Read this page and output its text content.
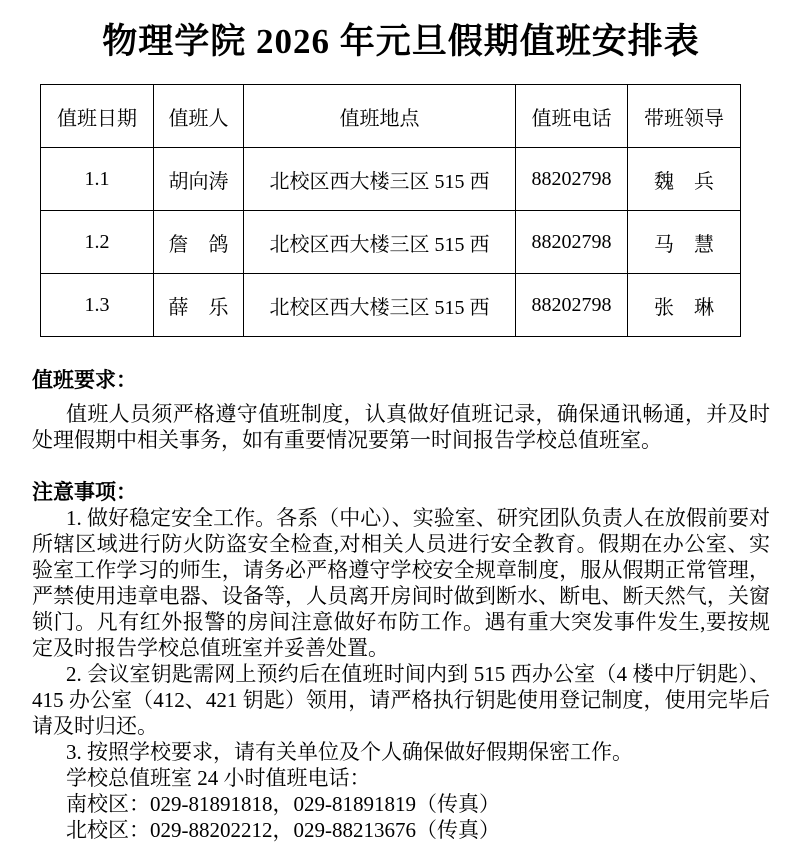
物理学院 2026 年元旦假期值班安排表
值班日期	值班人	值班地点	值班电话	带班领导
1.1	胡向涛	北校区西大楼三区 515 西	88202798	魏　兵
1.2	詹　鸽	北校区西大楼三区 515 西	88202798	马　慧
1.3	薛　乐	北校区西大楼三区 515 西	88202798	张　琳
值班要求：

值班人员须严格遵守值班制度，认真做好值班记录，确保通讯畅通，并及时处理假期中相关事务，如有重要情况要第一时间报告学校总值班室。

注意事项：

1. 做好稳定安全工作。各系（中心）、实验室、研究团队负责人在放假前要对所辖区域进行防火防盗安全检查,对相关人员进行安全教育。假期在办公室、实验室工作学习的师生，请务必严格遵守学校安全规章制度，服从假期正常管理，严禁使用违章电器、设备等，人员离开房间时做到断水、断电、断天然气，关窗锁门。凡有红外报警的房间注意做好布防工作。遇有重大突发事件发生,要按规定及时报告学校总值班室并妥善处置。

2. 会议室钥匙需网上预约后在值班时间内到 515 西办公室（4 楼中厅钥匙）、415 办公室（412、421 钥匙）领用，请严格执行钥匙使用登记制度，使用完毕后请及时归还。

3. 按照学校要求，请有关单位及个人确保做好假期保密工作。

学校总值班室 24 小时值班电话：

南校区：029-81891818，029-81891819（传真）

北校区：029-88202212，029-88213676（传真）
